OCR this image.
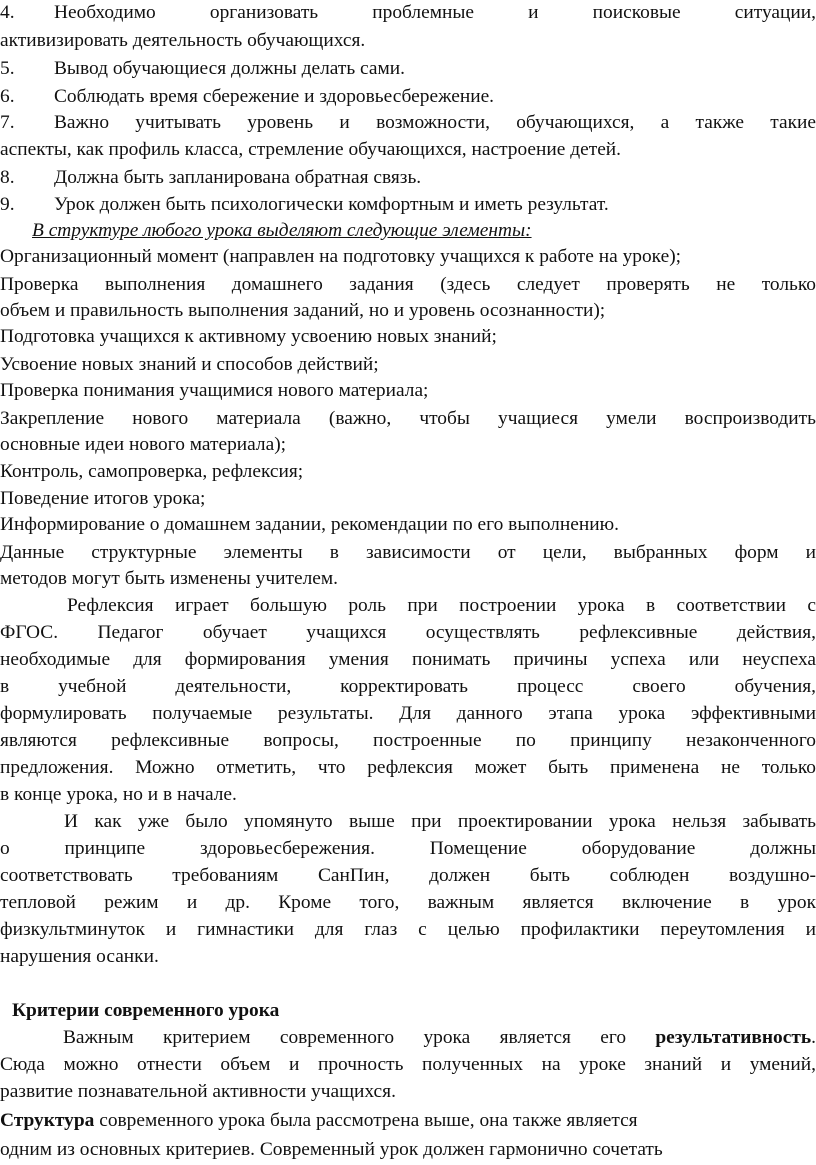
4. Необходимо организовать проблемные и поисковые ситуации,
активизировать деятельность обучающихся.
5. Вывод обучающиеся должны делать сами.
6. Соблюдать время сбережение и здоровьесбережение.
7. Важно учитывать уровень и возможности, обучающихся, а также такие
аспекты, как профиль класса, стремление обучающихся, настроение детей.
8. Должна быть запланирована обратная связь.
9. Урок должен быть психологически комфортным и иметь результат.
В структуре любого урока выделяют следующие элементы:
Организационный момент (направлен на подготовку учащихся к работе на уроке);
Проверка выполнения домашнего задания (здесь следует проверять не только
объем и правильность выполнения заданий, но и уровень осознанности);
Подготовка учащихся к активному усвоению новых знаний;
Усвоение новых знаний и способов действий;
Проверка понимания учащимися нового материала;
Закрепление нового материала (важно, чтобы учащиеся умели воспроизводить
основные идеи нового материала);
Контроль, самопроверка, рефлексия;
Поведение итогов урока;
Информирование о домашнем задании, рекомендации по его выполнению.
Данные структурные элементы в зависимости от цели, выбранных форм и
методов могут быть изменены учителем.
Рефлексия играет большую роль при построении урока в соответствии с
ФГОС. Педагог обучает учащихся осуществлять рефлексивные действия,
необходимые для формирования умения понимать причины успеха или неуспеха
в учебной деятельности, корректировать процесс своего обучения,
формулировать получаемые результаты. Для данного этапа урока эффективными
являются рефлексивные вопросы, построенные по принципу незаконченного
предложения. Можно отметить, что рефлексия может быть применена не только
в конце урока, но и в начале.
И как уже было упомянуто выше при проектировании урока нельзя забывать
о принципе здоровьесбережения. Помещение оборудование должны
соответствовать требованиям СанПин, должен быть соблюден воздушно-
тепловой режим и др. Кроме того, важным является включение в урок
физкультминуток и гимнастики для глаз с целью профилактики переутомления и
нарушения осанки.
Критерии современного урока
Важным критерием современного урока является его результативность.
Сюда можно отнести объем и прочность полученных на уроке знаний и умений,
развитие познавательной активности учащихся.
Структура современного урока была рассмотрена выше, она также является
одним из основных критериев. Современный урок должен гармонично сочетать
